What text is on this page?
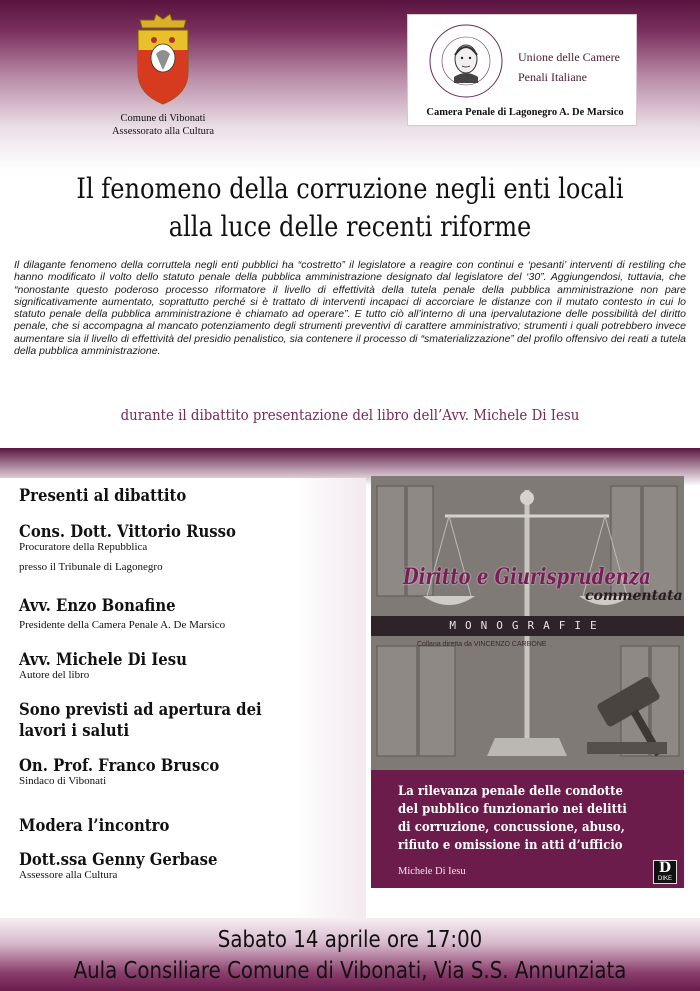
Comune di Vibonati
Assessorato alla Cultura
Unione delle Camere
Penali Italiane
Camera Penale di Lagonegro A. De Marsico
Il fenomeno della corruzione negli enti locali
alla luce delle recenti riforme

Il dilagante fenomeno della corruttela negli enti pubblici ha “costretto” il legislatore a reagire con continui e ‘pesanti’ interventi di restiling che hanno modificato il volto dello statuto penale della pubblica amministrazione designato dal legislatore del ‘30”. Aggiungendosi, tuttavia, che “nonostante questo poderoso processo riformatore il livello di effettività della tutela penale della pubblica amministrazione non pare significativamente aumentato, soprattutto perché si è trattato di interventi incapaci di accorciare le distanze con il mutato contesto in cui lo statuto penale della pubblica amministrazione è chiamato ad operare”. E tutto ciò all’interno di una ipervalutazione delle possibilità del diritto penale, che si accompagna al mancato potenziamento degli strumenti preventivi di carattere amministrativo; strumenti i quali potrebbero invece aumentare sia il livello di effettività del presidio penalistico, sia contenere il processo di “smaterializzazione” del profilo offensivo dei reati a tutela della pubblica amministrazione.

durante il dibattito presentazione del libro dell’Avv. Michele Di Iesu
Presenti al dibattito
Cons. Dott. Vittorio Russo
Procuratore della Repubblica
presso il Tribunale di Lagonegro
Avv. Enzo Bonafine
Presidente della Camera Penale A. De Marsico
Avv. Michele Di Iesu
Autore del libro
Sono previsti ad apertura dei
lavori i saluti
On. Prof. Franco Brusco
Sindaco di Vibonati
Modera l’incontro
Dott.ssa Genny Gerbase
Assessore alla Cultura
Diritto e Giurisprudenza
commentata
MONOGRAFIE
Collana diretta da VINCENZO CARBONE
La rilevanza penale delle condotte
del pubblico funzionario nei delitti
di corruzione, concussione, abuso,
rifiuto e omissione in atti d’ufficio
Michele Di Iesu	D
DIKE
Sabato 14 aprile ore 17:00
Aula Consiliare Comune di Vibonati, Via S.S. Annunziata
